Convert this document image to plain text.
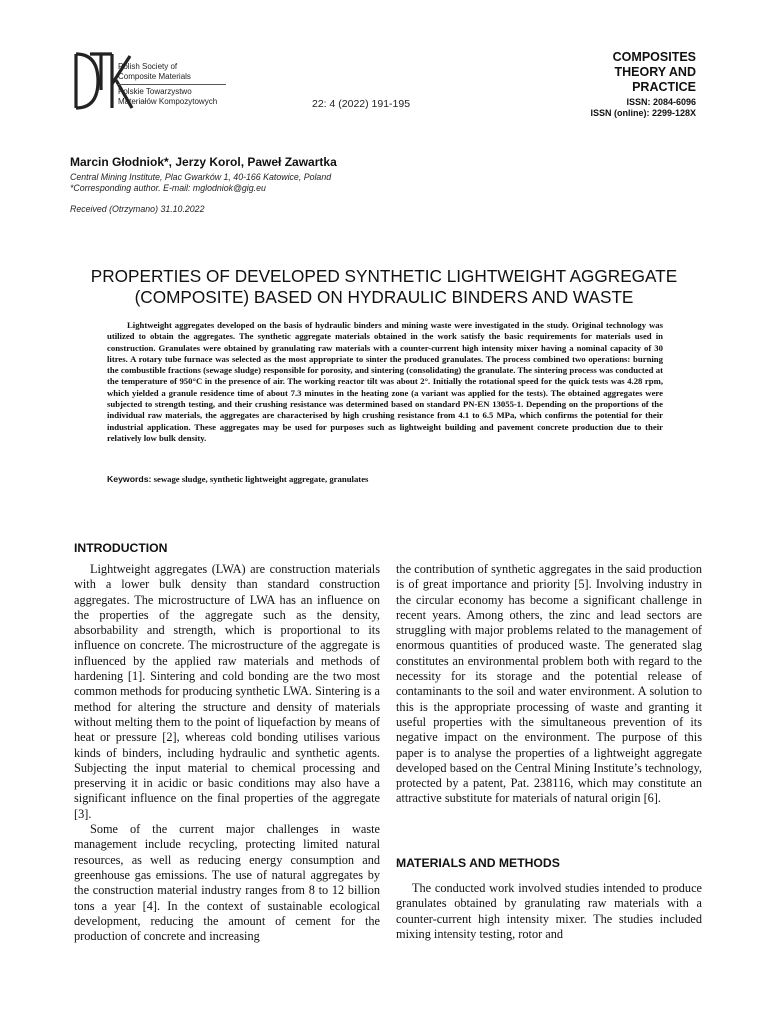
Polish Society of
Composite Materials
Polskie Towarzystwo
Materiałów Kompozytowych	22: 4 (2022) 191-195
COMPOSITES
THEORY AND
PRACTICE
ISSN: 2084-6096
ISSN (online): 2299-128X
Marcin Głodniok*, Jerzy Korol, Paweł Zawartka
Central Mining Institute, Plac Gwarków 1, 40-166 Katowice, Poland
*Corresponding author. E-mail: mglodniok@gig.eu
Received (Otrzymano) 31.10.2022
PROPERTIES OF DEVELOPED SYNTHETIC LIGHTWEIGHT AGGREGATE
(COMPOSITE) BASED ON HYDRAULIC BINDERS AND WASTE
Lightweight aggregates developed on the basis of hydraulic binders and mining waste were investigated in the study. Original technology was utilized to obtain the aggregates. The synthetic aggregate materials obtained in the work satisfy the basic requirements for materials used in construction. Granulates were obtained by granulating raw materials with a counter-current high intensity mixer having a nominal capacity of 30 litres. A rotary tube furnace was selected as the most appropriate to sinter the produced granulates. The process combined two operations: burning the combustible fractions (sewage sludge) responsible for porosity, and sintering (consolidating) the granulate. The sintering process was conducted at the temperature of 950°C in the presence of air. The working reactor tilt was about 2°. Initially the rotational speed for the quick tests was 4.28 rpm, which yielded a granule residence time of about 7.3 minutes in the heating zone (a variant was applied for the tests). The obtained aggregates were subjected to strength testing, and their crushing resistance was determined based on standard PN-EN 13055-1. Depending on the proportions of the individual raw materials, the aggregates are characterised by high crushing resistance from 4.1 to 6.5 MPa, which confirms the potential for their industrial application. These aggregates may be used for purposes such as lightweight building and pavement concrete production due to their relatively low bulk density.
Keywords: sewage sludge, synthetic lightweight aggregate, granulates
INTRODUCTION

Lightweight aggregates (LWA) are construction materials with a lower bulk density than standard construction aggregates. The microstructure of LWA has an influence on the properties of the aggregate such as the density, absorbability and strength, which is proportional to its influence on concrete. The microstructure of the aggregate is influenced by the applied raw materials and methods of hardening [1]. Sintering and cold bonding are the two most common methods for producing synthetic LWA. Sintering is a method for altering the structure and density of materials without melting them to the point of liquefaction by means of heat or pressure [2], whereas cold bonding utilises various kinds of binders, including hydraulic and synthetic agents. Subjecting the input material to chemical processing and preserving it in acidic or basic conditions may also have a significant influence on the final properties of the aggregate [3].

Some of the current major challenges in waste management include recycling, protecting limited natural resources, as well as reducing energy consumption and greenhouse gas emissions. The use of natural aggregates by the construction material industry ranges from 8 to 12 billion tons a year [4]. In the context of sustainable ecological development, reducing the amount of cement for the production of concrete and increasing

the contribution of synthetic aggregates in the said production is of great importance and priority [5]. Involving industry in the circular economy has become a significant challenge in recent years. Among others, the zinc and lead sectors are struggling with major problems related to the management of enormous quantities of produced waste. The generated slag constitutes an environmental problem both with regard to the necessity for its storage and the potential release of contaminants to the soil and water environment. A solution to this is the appropriate processing of waste and granting it useful properties with the simultaneous prevention of its negative impact on the environment. The purpose of this paper is to analyse the properties of a lightweight aggregate developed based on the Central Mining Institute’s technology, protected by a patent, Pat. 238116, which may constitute an attractive substitute for materials of natural origin [6].

MATERIALS AND METHODS

The conducted work involved studies intended to produce granulates obtained by granulating raw materials with a counter-current high intensity mixer. The studies included mixing intensity testing, rotor and
